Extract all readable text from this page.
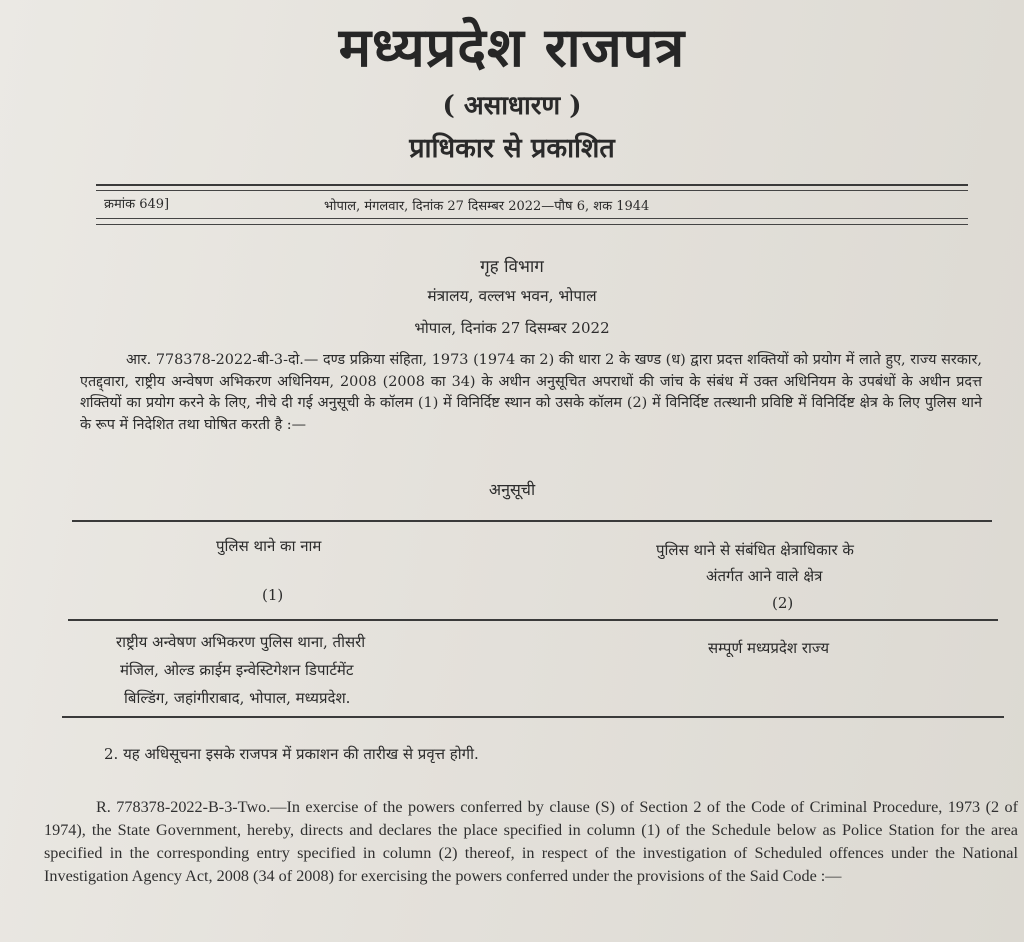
मध्यप्रदेश राजपत्र
( असाधारण )
प्राधिकार से प्रकाशित
क्रमांक 649]	भोपाल, मंगलवार, दिनांक 27 दिसम्बर 2022—पौष 6, शक 1944
गृह विभाग
मंत्रालय, वल्लभ भवन, भोपाल
भोपाल, दिनांक 27 दिसम्बर 2022
आर. 778378-2022-बी-3-दो.— दण्ड प्रक्रिया संहिता, 1973 (1974 का 2) की धारा 2 के खण्ड (ध) द्वारा प्रदत्त शक्तियों को प्रयोग में लाते हुए, राज्य सरकार, एतद्द्वारा, राष्ट्रीय अन्वेषण अभिकरण अधिनियम, 2008 (2008 का 34) के अधीन अनुसूचित अपराधों की जांच के संबंध में उक्त अधिनियम के उपबंधों के अधीन प्रदत्त शक्तियों का प्रयोग करने के लिए, नीचे दी गई अनुसूची के कॉलम (1) में विनिर्दिष्ट स्थान को उसके कॉलम (2) में विनिर्दिष्ट तत्स्थानी प्रविष्टि में विनिर्दिष्ट क्षेत्र के लिए पुलिस थाने के रूप में निदेशित तथा घोषित करती है :—
अनुसूची
पुलिस थाने का नाम
(1)
पुलिस थाने से संबंधित क्षेत्राधिकार के
अंतर्गत आने वाले क्षेत्र
(2)
राष्ट्रीय अन्वेषण अभिकरण पुलिस थाना, तीसरी
मंजिल, ओल्ड क्राईम इन्वेस्टिगेशन डिपार्टमेंट
बिल्डिंग, जहांगीराबाद, भोपाल, मध्यप्रदेश.
सम्पूर्ण मध्यप्रदेश राज्य
2. यह अधिसूचना इसके राजपत्र में प्रकाशन की तारीख से प्रवृत्त होगी.
R. 778378-2022-B-3-Two.—In exercise of the powers conferred by clause (S) of Section 2 of the Code of Criminal Procedure, 1973 (2 of 1974), the State Government, hereby, directs and declares the place specified in column (1) of the Schedule below as Police Station for the area specified in the corresponding entry specified in column (2) thereof, in respect of the investigation of Scheduled offences under the National Investigation Agency Act, 2008 (34 of 2008) for exercising the powers conferred under the provisions of the Said Code :—
